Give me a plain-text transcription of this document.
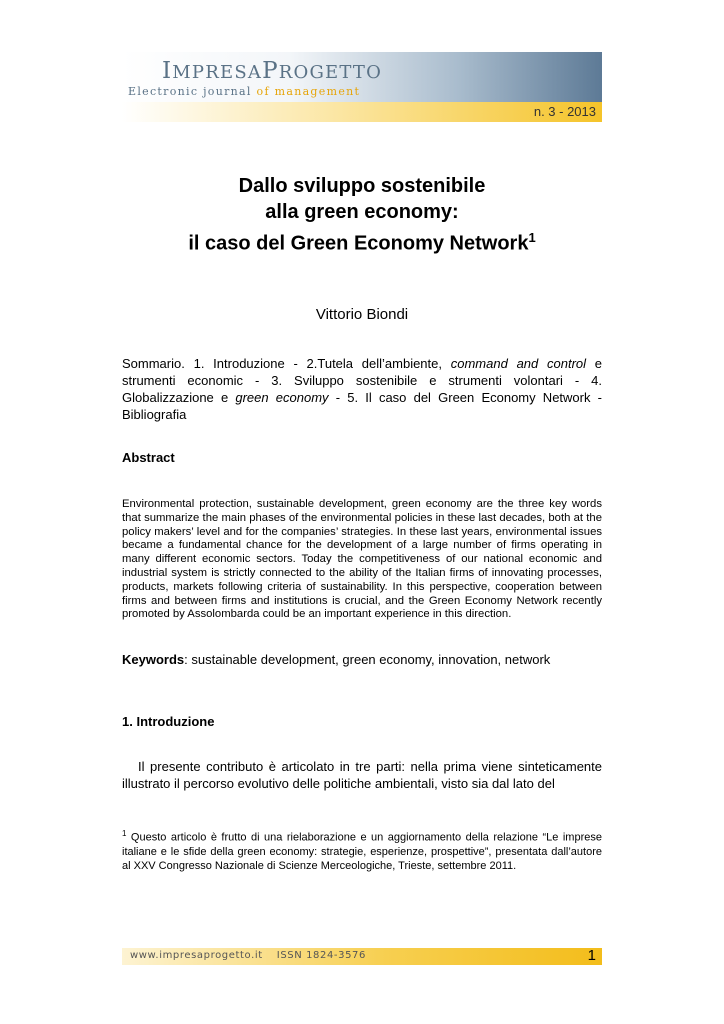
IMPRESAPROGETTO
Electronic journal of management
n. 3 - 2013
Dallo sviluppo sostenibile
alla green economy:
il caso del Green Economy Network$^1$
Vittorio Biondi

Sommario. 1. Introduzione - 2.Tutela dell’ambiente, command and control e strumenti economic - 3. Sviluppo sostenibile e strumenti volontari - 4. Globalizzazione e green economy - 5. Il caso del Green Economy Network - Bibliografia

Abstract

Environmental protection, sustainable development, green economy are the three key words that summarize the main phases of the environmental policies in these last decades, both at the policy makers’ level and for the companies’ strategies. In these last years, environmental issues became a fundamental chance for the development of a large number of firms operating in many different economic sectors. Today the competitiveness of our national economic and industrial system is strictly connected to the ability of the Italian firms of innovating processes, products, markets following criteria of sustainability. In this perspective, cooperation between firms and between firms and institutions is crucial, and the Green Economy Network recently promoted by Assolombarda could be an important experience in this direction.

Keywords: sustainable development, green economy, innovation, network

1. Introduzione

Il presente contributo è articolato in tre parti: nella prima viene sinteticamente illustrato il percorso evolutivo delle politiche ambientali, visto sia dal lato del

$^1$ Questo articolo è frutto di una rielaborazione e un aggiornamento della relazione “Le imprese italiane e le sfide della green economy: strategie, esperienze, prospettive”, presentata dall’autore al XXV Congresso Nazionale di Scienze Merceologiche, Trieste, settembre 2011.

www.impresaprogetto.it ISSN 1824-3576	1
